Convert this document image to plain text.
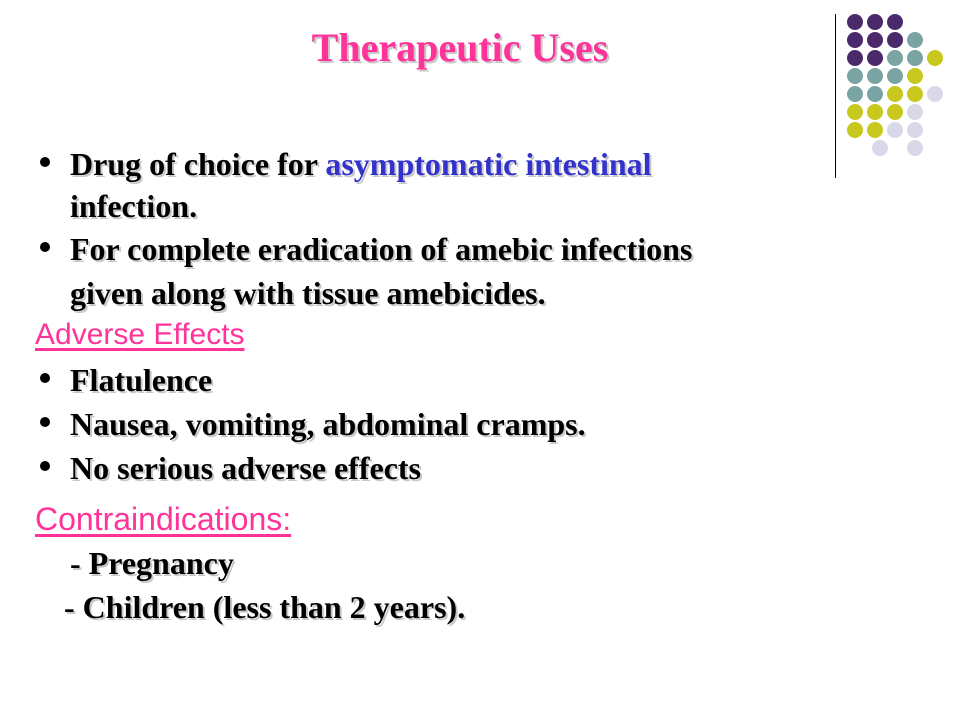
Therapeutic Uses
Drug of choice for asymptomatic intestinal
infection.
For complete eradication of amebic infections
given along with tissue amebicides.
Adverse Effects
Flatulence
Nausea, vomiting, abdominal cramps.
No serious adverse effects
Contraindications:
- Pregnancy
- Children (less than 2 years).
